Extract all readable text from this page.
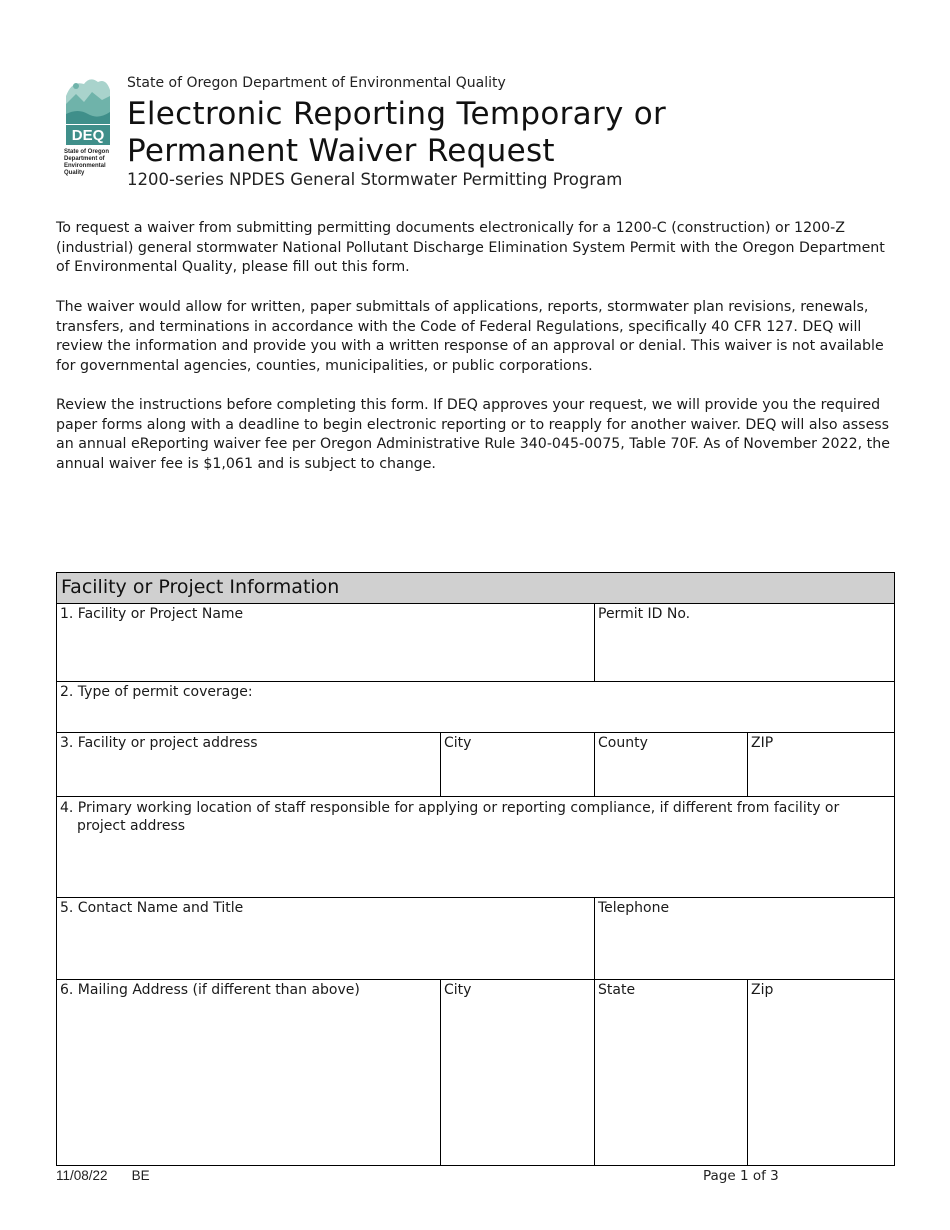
DEQ
State of Oregon
Department of
Environmental
Quality
State of Oregon Department of Environmental Quality
Electronic Reporting Temporary or Permanent Waiver Request
1200-series NPDES General Stormwater Permitting Program

To request a waiver from submitting permitting documents electronically for a 1200-C (construction) or 1200-Z (industrial) general stormwater National Pollutant Discharge Elimination System Permit with the Oregon Department of Environmental Quality, please fill out this form.

The waiver would allow for written, paper submittals of applications, reports, stormwater plan revisions, renewals, transfers, and terminations in accordance with the Code of Federal Regulations, specifically 40 CFR 127. DEQ will review the information and provide you with a written response of an approval or denial. This waiver is not available for governmental agencies, counties, municipalities, or public corporations.

Review the instructions before completing this form. If DEQ approves your request, we will provide you the required paper forms along with a deadline to begin electronic reporting or to reapply for another waiver. DEQ will also assess an annual eReporting waiver fee per Oregon Administrative Rule 340-045-0075, Table 70F. As of November 2022, the annual waiver fee is $1,061 and is subject to change.

Facility or Project Information
1. Facility or Project Name	Permit ID No.
2. Type of permit coverage:
3. Facility or project address	City	County	ZIP
4. Primary working location of staff responsible for applying or reporting compliance, if different from facility or project address
5. Contact Name and Title	Telephone
6. Mailing Address (if different than above)	City	State	Zip
11/08/22 BE	Page 1 of 3
